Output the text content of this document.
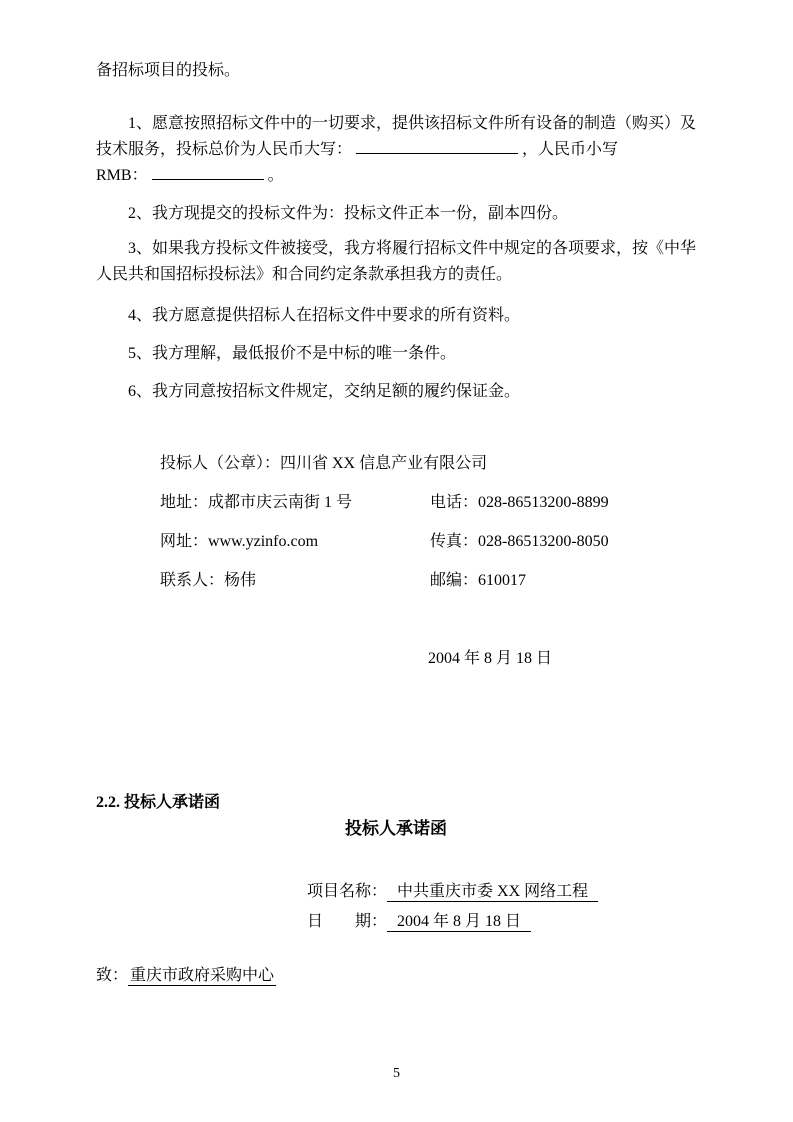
备招标项目的投标。

1、愿意按照招标文件中的一切要求，提供该招标文件所有设备的制造（购买）及技术服务，投标总价为人民币大写：	，人民币小写
RMB：	。

2、我方现提交的投标文件为：投标文件正本一份，副本四份。

3、如果我方投标文件被接受，我方将履行招标文件中规定的各项要求，按《中华人民共和国招标投标法》和合同约定条款承担我方的责任。

4、我方愿意提供招标人在招标文件中要求的所有资料。

5、我方理解，最低报价不是中标的唯一条件。

6、我方同意按招标文件规定，交纳足额的履约保证金。

投标人（公章）：四川省 XX 信息产业有限公司

地址：成都市庆云南街 1 号	电话：028-86513200-8899
网址：www.yzinfo.com	传真：028-86513200-8050
联系人：杨伟	邮编：610017

2004 年 8 月 18 日

2.2. 投标人承诺函
投标人承诺函

项目名称： 中共重庆市委 XX 网络工程

日　　期： 2004 年 8 月 18 日

致： 重庆市政府采购中心

5
